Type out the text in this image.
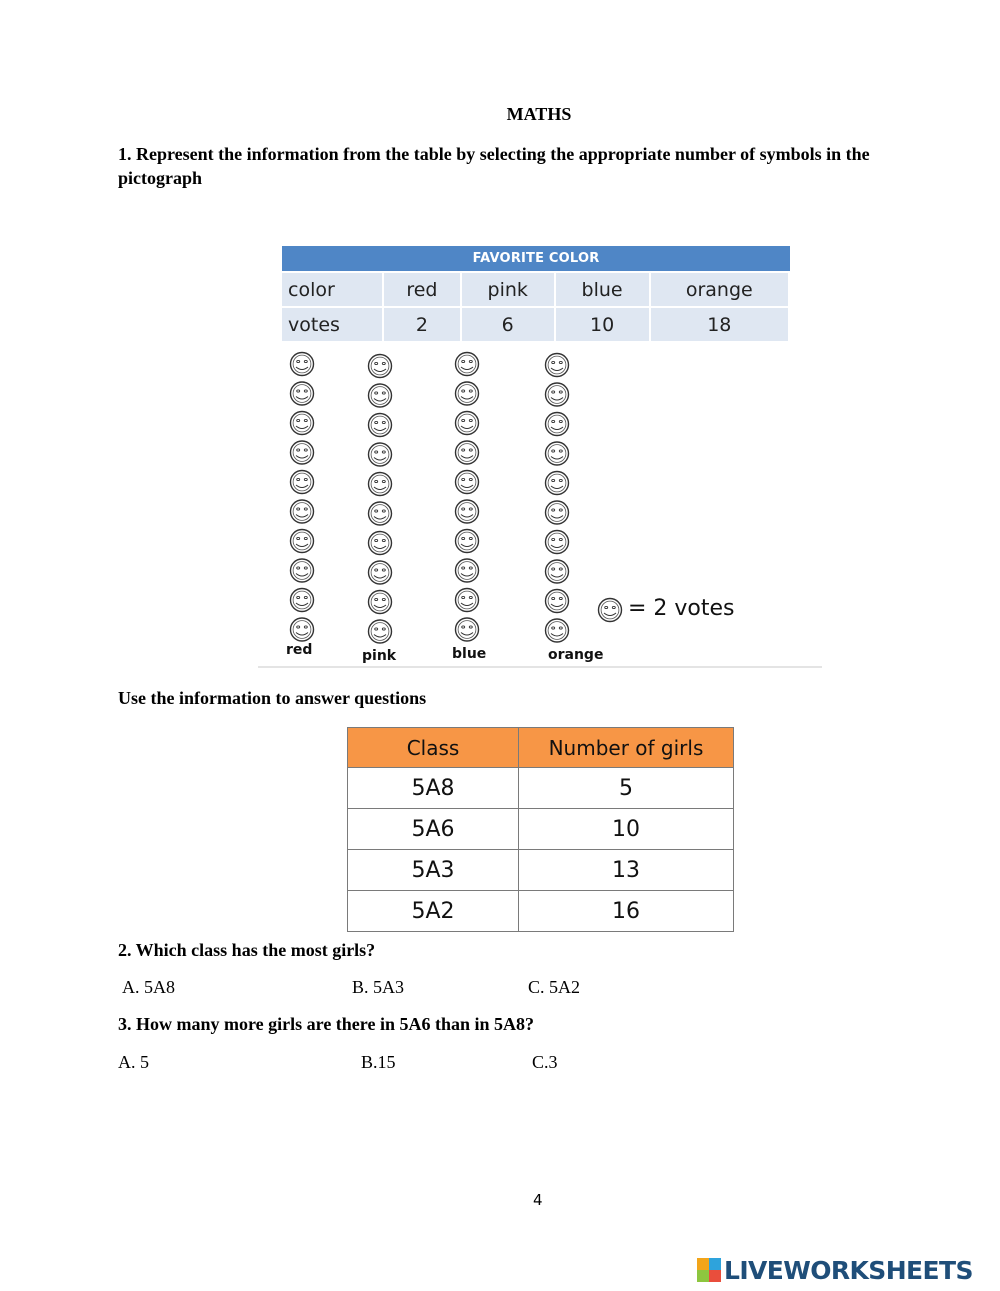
MATHS
1. Represent the information from the table by selecting the appropriate number of symbols in the pictograph
FAVORITE COLOR				
color	red	pink	blue	orange
votes	2	6	10	18
red	pink	blue	orange
= 2 votes
Use the information to answer questions
Class	Number of girls
5A8	5
5A6	10
5A3	13
5A2	16
2. Which class has the most girls?
A. 5A8	B. 5A3	C. 5A2
3. How many more girls are there in 5A6 than in 5A8?
A. 5	B.15	C.3
4
LIVEWORKSHEETS
